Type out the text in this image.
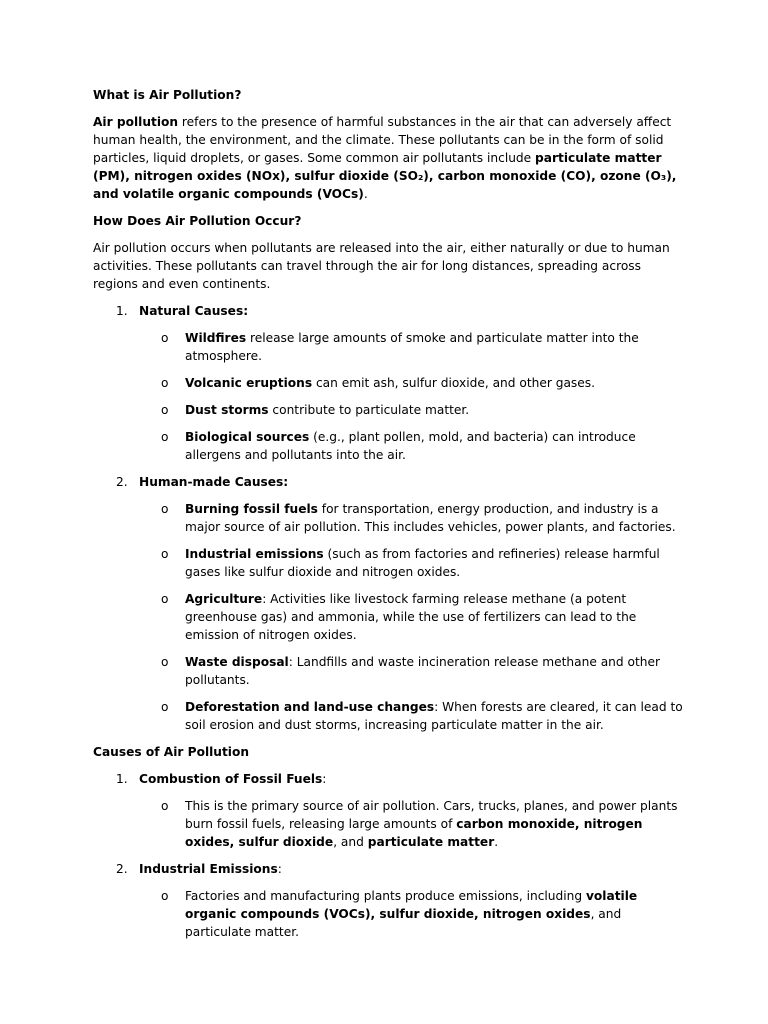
What is Air Pollution?

Air pollution refers to the presence of harmful substances in the air that can adversely affect human health, the environment, and the climate. These pollutants can be in the form of solid particles, liquid droplets, or gases. Some common air pollutants include particulate matter (PM), nitrogen oxides (NOx), sulfur dioxide (SO₂), carbon monoxide (CO), ozone (O₃), and volatile organic compounds (VOCs).

How Does Air Pollution Occur?

Air pollution occurs when pollutants are released into the air, either naturally or due to human activities. These pollutants can travel through the air for long distances, spreading across regions and even continents.

1. Natural Causes:

o Wildfires release large amounts of smoke and particulate matter into the atmosphere.

o Volcanic eruptions can emit ash, sulfur dioxide, and other gases.

o Dust storms contribute to particulate matter.

o Biological sources (e.g., plant pollen, mold, and bacteria) can introduce allergens and pollutants into the air.

2. Human-made Causes:

o Burning fossil fuels for transportation, energy production, and industry is a major source of air pollution. This includes vehicles, power plants, and factories.

o Industrial emissions (such as from factories and refineries) release harmful gases like sulfur dioxide and nitrogen oxides.

o Agriculture: Activities like livestock farming release methane (a potent greenhouse gas) and ammonia, while the use of fertilizers can lead to the emission of nitrogen oxides.

o Waste disposal: Landfills and waste incineration release methane and other pollutants.

o Deforestation and land-use changes: When forests are cleared, it can lead to soil erosion and dust storms, increasing particulate matter in the air.

Causes of Air Pollution

1. Combustion of Fossil Fuels:

o This is the primary source of air pollution. Cars, trucks, planes, and power plants burn fossil fuels, releasing large amounts of carbon monoxide, nitrogen oxides, sulfur dioxide, and particulate matter.

2. Industrial Emissions:

o Factories and manufacturing plants produce emissions, including volatile organic compounds (VOCs), sulfur dioxide, nitrogen oxides, and particulate matter.
